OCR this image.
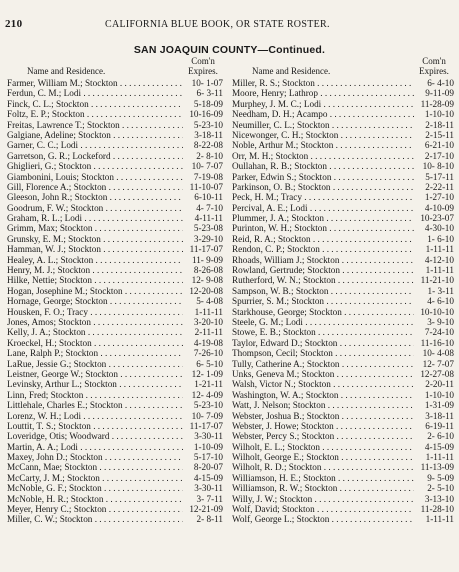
210	CALIFORNIA BLUE BOOK, OR STATE ROSTER.
SAN JOAQUIN COUNTY—Continued.
Name and Residence.
Com'n
Expires.
Farmer, William M.; Stockton . . .	10- 1-07
Ferdun, C. M.; Lodi . . .	6- 3-11
Finck, C. L.; Stockton . . .	5-18-09
Foltz, E. P.; Stockton . . .	10-16-09
Freitas, Lawrence T.; Stockton . . .	5-23-10
Galgiane, Adeline; Stockton . . .	3-18-11
Garner, C. C.; Lodi . . .	8-22-08
Garretson, G. R.; Lockeford . . .	2- 8-10
Ghiglieri, G.; Stockton . . .	10- 7-07
Giambonini, Louis; Stockton . . .	7-19-08
Gill, Florence A.; Stockton . . .	11-10-07
Gleeson, John R.; Stockton . . .	6-10-11
Goodrum, F. W.; Stockton . . .	4- 7-10
Graham, R. L.; Lodi . . .	4-11-11
Grimm, Max; Stockton . . .	5-23-08
Grunsky, E. M.; Stockton . . .	3-29-10
Hamman, W. J.; Stockton . . .	11-17-07
Healey, A. L.; Stockton . . .	11- 9-09
Henry, M. J.; Stockton . . .	8-26-08
Hilke, Nettie; Stockton . . .	12- 9-08
Hogan, Josephine M.; Stockton . . .	12-20-08
Hornage, George; Stockton . . .	5- 4-08
Housken, F. O.; Tracy . . .	1-11-11
Jones, Amos; Stockton . . .	3-20-10
Kelly, J. A.; Stockton . . .	2-11-11
Kroeckel, H.; Stockton . . .	4-19-08
Lane, Ralph P.; Stockton . . .	7-26-10
LaRue, Jessie G.; Stockton . . .	6- 5-10
Leistner, George W.; Stockton . . .	12- 1-09
Levinsky, Arthur L.; Stockton . . .	1-21-11
Linn, Fred; Stockton . . .	12- 4-09
Littlehale, Charles E.; Stockton . . .	5-23-10
Lorenz, W. H.; Lodi . . .	10- 7-09
Louttit, T. S.; Stockton . . .	11-17-07
Loveridge, Otis; Woodward . . .	3-30-11
Martin, A. A.; Lodi . . .	1-10-09
Maxey, John D.; Stockton . . .	5-17-10
McCann, Mae; Stockton . . .	8-20-07
McCarty, J. M.; Stockton . . .	4-15-09
McNoble, G. F.; Stockton . . .	3-30-11
McNoble, H. R.; Stockton . . .	3- 7-11
Meyer, Henry C.; Stockton . . .	12-21-09
Miller, C. W.; Stockton . . .	2- 8-11
Name and Residence.
Com'n
Expires.
Miller, R. S.; Stockton . . .	6- 4-10
Moore, Henry; Lathrop . . .	9-11-09
Murphey, J. M. C.; Lodi . . .	11-28-09
Needham, D. H.; Acampo . . .	1-10-10
Neumiller, C. L.; Stockton . . .	2-18-11
Nicewonger, C. H.; Stockton . . .	2-15-11
Noble, Arthur M.; Stockton . . .	6-21-10
Orr, M. H.; Stockton . . .	2-17-10
Oullahan, R. B.; Stockton . . .	10- 8-10
Parker, Edwin S.; Stockton . . .	5-17-11
Parkinson, O. B.; Stockton . . .	2-22-11
Peck, H. M.; Tracy . . .	1-27-10
Percival, A. E.; Lodi . . .	4-10-09
Plummer, J. A.; Stockton . . .	10-23-07
Purinton, W. H.; Stockton . . .	4-30-10
Reid, R. A.; Stockton . . .	1- 6-10
Rendon, C. P.; Stockton . . .	1-11-11
Rhoads, William J.; Stockton . . .	4-12-10
Rowland, Gertrude; Stockton . . .	1-11-11
Rutherford, W. N.; Stockton . . .	11-21-10
Sampson, W. B.; Stockton . . .	1- 3-11
Spurrier, S. M.; Stockton . . .	4- 6-10
Starkhouse, George; Stockton . . .	10-10-10
Steele, G. M.; Lodi . . .	3- 9-10
Stowe, E. B.; Stockton . . .	7-24-10
Taylor, Edward D.; Stockton . . .	11-16-10
Thompson, Cecil; Stockton . . .	10- 4-08
Tully, Catherine A.; Stockton . . .	12- 7-07
Unks, Geneva M.; Stockton . . .	12-27-08
Walsh, Victor N.; Stockton . . .	2-20-11
Washington, W. A.; Stockton . . .	1-10-10
Watt, J. Nelson; Stockton . . .	1-31-09
Webster, Joshua B.; Stockton . . .	3-18-11
Webster, J. Howe; Stockton . . .	6-19-11
Webster, Percy S.; Stockton . . .	2- 6-10
Wilholt, E. L.; Stockton . . .	4-15-09
Wilholt, George E.; Stockton . . .	1-11-11
Wilholt, R. D.; Stockton . . .	11-13-09
Williamson, H. E.; Stockton . . .	9- 5-09
Williamson, R. W.; Stockton . . .	2- 5-10
Willy, J. W.; Stockton . . .	3-13-10
Wolf, David; Stockton . . .	11-28-10
Wolf, George L.; Stockton . . .	1-11-11
